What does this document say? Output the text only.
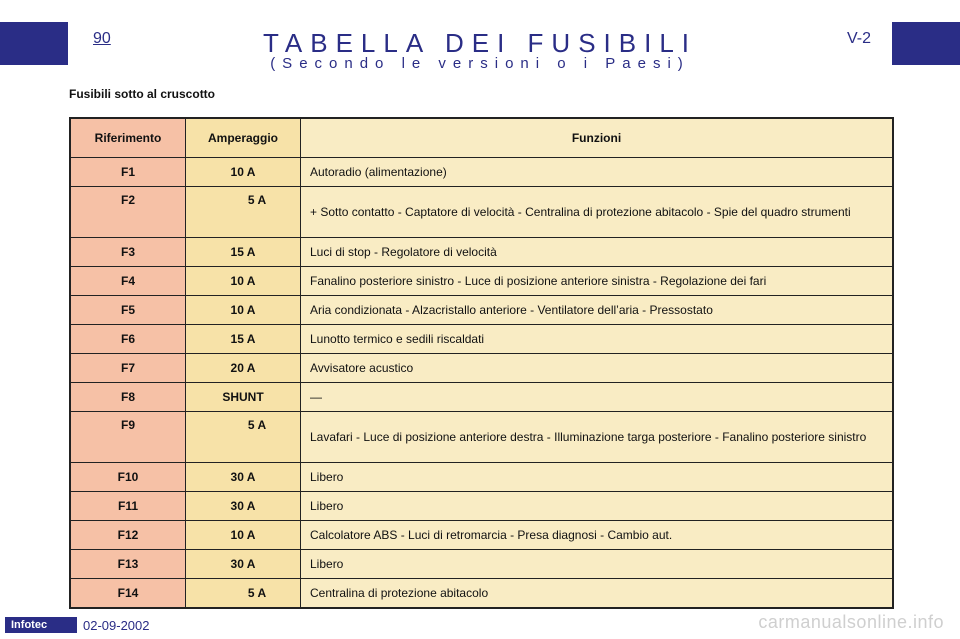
90	V-2
TABELLA DEI FUSIBILI
(Secondo le versioni o i Paesi)
Fusibili sotto al cruscotto
Riferimento	Amperaggio	Funzioni
F1	10 A	Autoradio (alimentazione)
F2	5 A	+ Sotto contatto - Captatore di velocità - Centralina di protezione abitacolo - Spie del quadro strumenti
F3	15 A	Luci di stop - Regolatore di velocità
F4	10 A	Fanalino posteriore sinistro - Luce di posizione anteriore sinistra - Regolazione dei fari
F5	10 A	Aria condizionata - Alzacristallo anteriore - Ventilatore dell’aria - Pressostato
F6	15 A	Lunotto termico e sedili riscaldati
F7	20 A	Avvisatore acustico
F8	SHUNT	—
F9	5 A	Lavafari - Luce di posizione anteriore destra - Illuminazione targa posteriore - Fanalino posteriore sinistro
F10	30 A	Libero
F11	30 A	Libero
F12	10 A	Calcolatore ABS - Luci di retromarcia - Presa diagnosi - Cambio aut.
F13	30 A	Libero
F14	5 A	Centralina di protezione abitacolo
Infotec	02-09-2002	carmanualsonline.info
